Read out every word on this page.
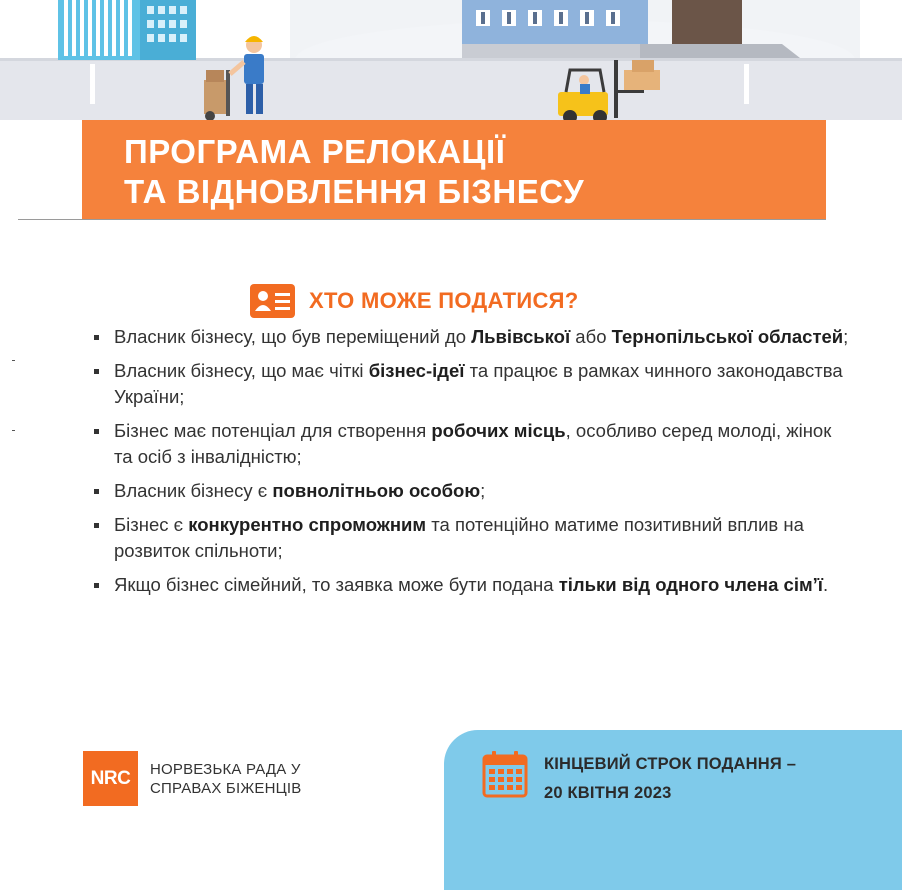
ПРОГРАМА РЕЛОКАЦІЇ
ТА ВІДНОВЛЕННЯ БІЗНЕСУ
ХТО МОЖЕ ПОДАТИСЯ?
Власник бізнесу, що був переміщений до Львівської або Тернопільської областей;
Власник бізнесу, що має чіткі бізнес-ідеї та працює в рамках чинного законодавства України;
Бізнес має потенціал для створення робочих місць, особливо серед молоді, жінок та осіб з інвалідністю;
Власник бізнесу є повнолітньою особою;
Бізнес є конкурентно спроможним та потенційно матиме позитивний вплив на розвиток спільноти;
Якщо бізнес сімейний, то заявка може бути подана тільки від одного члена сім’ї.
NRC	НОРВЕЗЬКА РАДА У
СПРАВАХ БІЖЕНЦІВ
КІНЦЕВИЙ СТРОК ПОДАННЯ –
20 КВІТНЯ 2023
